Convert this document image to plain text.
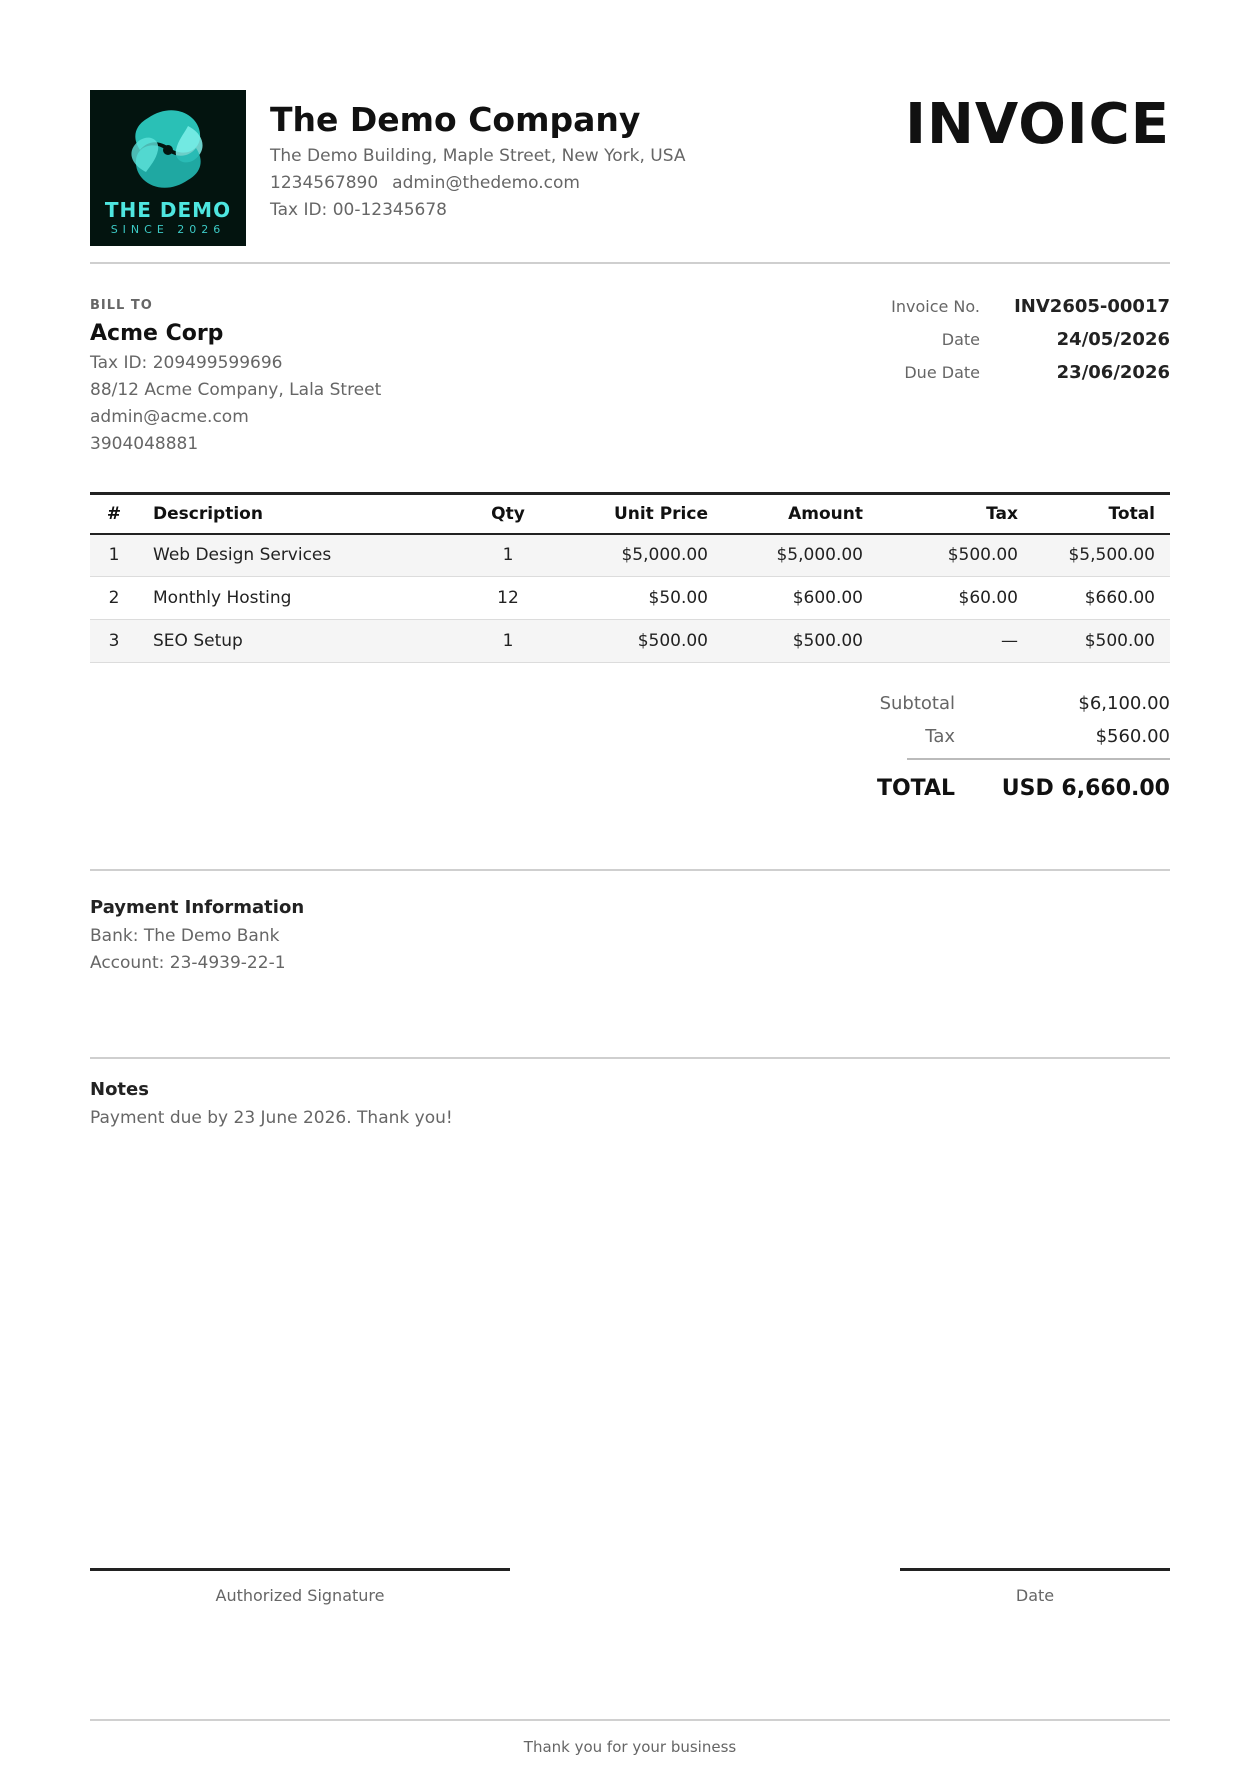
THE DEMO
SINCE 2026
The Demo Company
The Demo Building, Maple Street, New York, USA
1234567890 admin@thedemo.com
Tax ID: 00-12345678
INVOICE
BILL TO
Acme Corp
Tax ID: 209499599696
88/12 Acme Company, Lala Street
admin@acme.com
3904048881
Invoice No.	INV2605-00017
Date	24/05/2026
Due Date	23/06/2026
#	Description	Qty	Unit Price	Amount	Tax	Total
1	Web Design Services	1	$5,000.00	$5,000.00	$500.00	$5,500.00
2	Monthly Hosting	12	$50.00	$600.00	$60.00	$660.00
3	SEO Setup	1	$500.00	$500.00	—	$500.00
Subtotal	$6,100.00
Tax	$560.00
TOTAL	USD 6,660.00
Payment Information
Bank: The Demo Bank
Account: 23-4939-22-1
Notes
Payment due by 23 June 2026. Thank you!
Authorized Signature	Date
Thank you for your business
